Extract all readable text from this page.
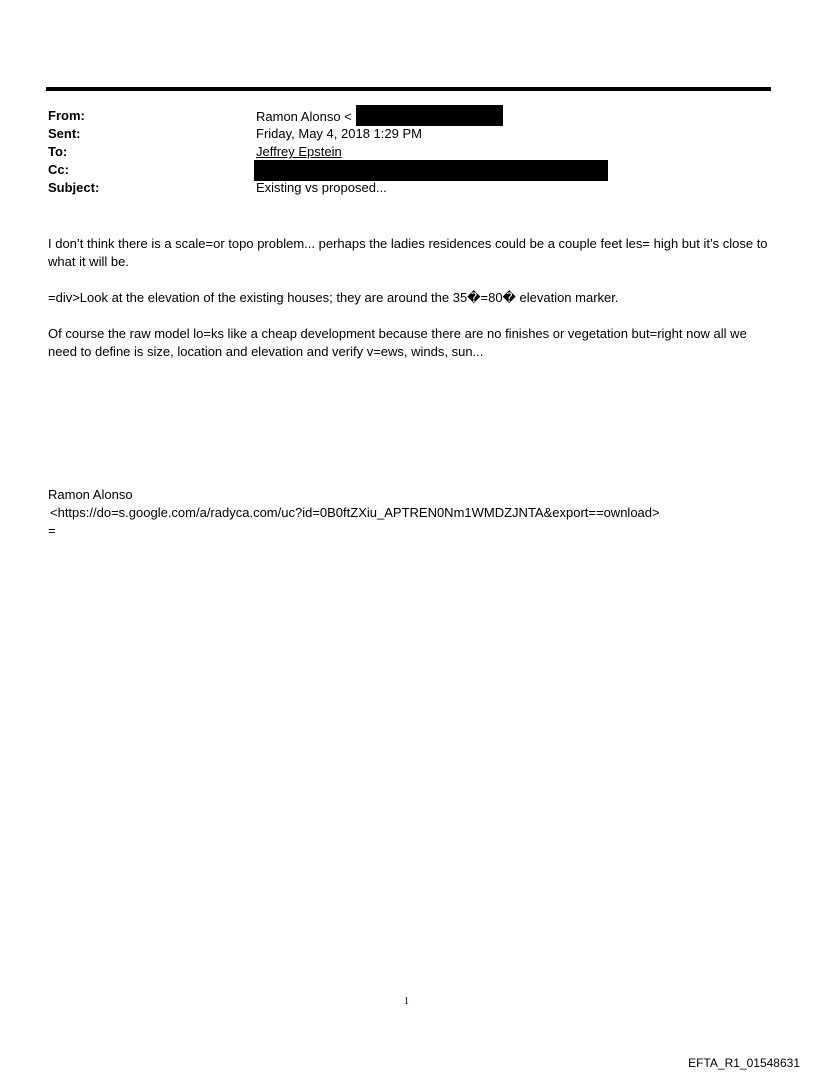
From:	Ramon Alonso <
Sent:	Friday, May 4, 2018 1:29 PM
To:	Jeffrey Epstein
Cc:
Subject:	Existing vs proposed...
I don’t think there is a scale=or topo problem... perhaps the ladies residences could be a couple feet les= high but it’s close to what it will be.
=div>Look at the elevation of the existing houses; they are around the 35�=80� elevation marker.
Of course the raw model lo=ks like a cheap development because there are no finishes or vegetation but=right now all we need to define is size, location and elevation and verify v=ews, winds, sun...
Ramon Alonso
<https://do=s.google.com/a/radyca.com/uc?id=0B0ftZXiu_APTREN0Nm1WMDZJNTA&export==ownload>
=
1
EFTA_R1_01548631
